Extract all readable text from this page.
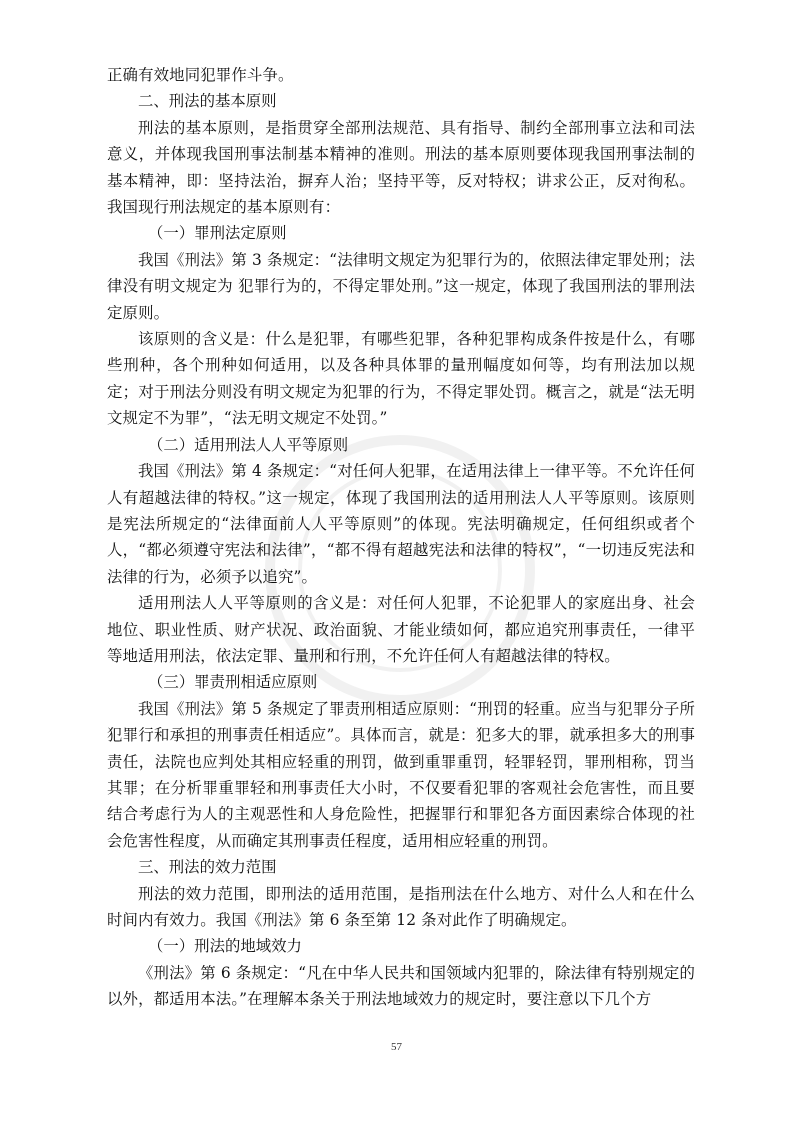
正确有效地同犯罪作斗争。

二、刑法的基本原则

刑法的基本原则，是指贯穿全部刑法规范、具有指导、制约全部刑事立法和司法意义，并体现我国刑事法制基本精神的准则。刑法的基本原则要体现我国刑事法制的基本精神，即：坚持法治，摒弃人治；坚持平等，反对特权；讲求公正，反对徇私。我国现行刑法规定的基本原则有：

（一）罪刑法定原则

我国《刑法》第 3 条规定：“法律明文规定为犯罪行为的，依照法律定罪处刑；法律没有明文规定为 犯罪行为的，不得定罪处刑。”这一规定，体现了我国刑法的罪刑法定原则。

该原则的含义是：什么是犯罪，有哪些犯罪，各种犯罪构成条件按是什么，有哪些刑种，各个刑种如何适用，以及各种具体罪的量刑幅度如何等，均有刑法加以规定；对于刑法分则没有明文规定为犯罪的行为，不得定罪处罚。概言之，就是“法无明文规定不为罪”，“法无明文规定不处罚。”

（二）适用刑法人人平等原则

我国《刑法》第 4 条规定：“对任何人犯罪，在适用法律上一律平等。不允许任何人有超越法律的特权。”这一规定，体现了我国刑法的适用刑法人人平等原则。该原则是宪法所规定的“法律面前人人平等原则”的体现。宪法明确规定，任何组织或者个人，“都必须遵守宪法和法律”，“都不得有超越宪法和法律的特权”，“一切违反宪法和法律的行为，必须予以追究”。

适用刑法人人平等原则的含义是：对任何人犯罪，不论犯罪人的家庭出身、社会地位、职业性质、财产状况、政治面貌、才能业绩如何，都应追究刑事责任，一律平等地适用刑法，依法定罪、量刑和行刑，不允许任何人有超越法律的特权。

（三）罪责刑相适应原则

我国《刑法》第 5 条规定了罪责刑相适应原则：“刑罚的轻重。应当与犯罪分子所犯罪行和承担的刑事责任相适应”。具体而言，就是：犯多大的罪，就承担多大的刑事责任，法院也应判处其相应轻重的刑罚，做到重罪重罚，轻罪轻罚，罪刑相称，罚当其罪；在分析罪重罪轻和刑事责任大小时，不仅要看犯罪的客观社会危害性，而且要结合考虑行为人的主观恶性和人身危险性，把握罪行和罪犯各方面因素综合体现的社会危害性程度，从而确定其刑事责任程度，适用相应轻重的刑罚。

三、刑法的效力范围

刑法的效力范围，即刑法的适用范围，是指刑法在什么地方、对什么人和在什么时间内有效力。我国《刑法》第 6 条至第 12 条对此作了明确规定。

（一）刑法的地域效力

《刑法》第 6 条规定：“凡在中华人民共和国领域内犯罪的，除法律有特别规定的以外，都适用本法。”在理解本条关于刑法地域效力的规定时，要注意以下几个方

57
